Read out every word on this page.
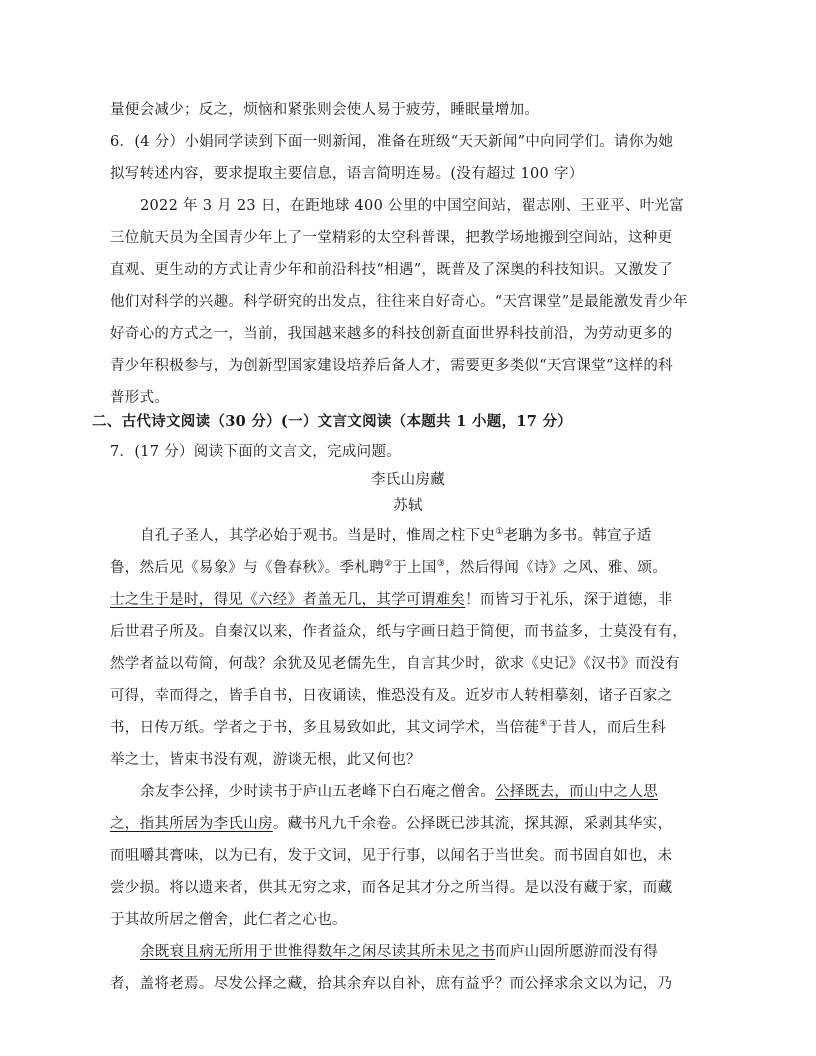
量便会减少；反之，烦恼和紧张则会使人易于疲劳，睡眠量增加。
6．(4 分）小娟同学读到下面一则新闻，准备在班级“天天新闻”中向同学们。请你为她
拟写转述内容，要求提取主要信息，语言简明连易。(没有超过 100 字）
2022 年 3 月 23 日，在距地球 400 公里的中国空间站，翟志刚、王亚平、叶光富
三位航天员为全国青少年上了一堂精彩的太空科普课，把教学场地搬到空间站，这种更
直观、更生动的方式让青少年和前沿科技“相遇”，既普及了深奥的科技知识。又激发了
他们对科学的兴趣。科学研究的出发点，往往来自好奇心。“天宫课堂”是最能激发青少年
好奇心的方式之一，当前，我国越来越多的科技创新直面世界科技前沿，为劳动更多的
青少年积极参与，为创新型国家建设培养后备人才，需要更多类似“天宫课堂”这样的科
普形式。
二、古代诗文阅读（30 分）(一）文言文阅读（本题共 1 小题，17 分）
7．(17 分）阅读下面的文言文，完成问题。
李氏山房藏
苏轼
自孔子圣人，其学必始于观书。当是时，惟周之柱下史①老聃为多书。韩宣子适
鲁，然后见《易象》与《鲁春秋》。季札聘②于上国③，然后得闻《诗》之风、雅、颂。
士之生于是时，得见《六经》者盖无几，其学可谓难矣！而皆习于礼乐，深于道德，非
后世君子所及。自秦汉以来，作者益众，纸与字画日趋于简便，而书益多，士莫没有有，
然学者益以苟简，何哉？余犹及见老儒先生，自言其少时，欲求《史记》《汉书》而没有
可得，幸而得之，皆手自书，日夜诵读，惟恐没有及。近岁市人转相摹刻，诸子百家之
书，日传万纸。学者之于书，多且易致如此，其文词学术，当倍蓰④于昔人，而后生科
举之士，皆束书没有观，游谈无根，此又何也？
余友李公择，少时读书于庐山五老峰下白石庵之僧舍。公择既去，而山中之人思
之，指其所居为李氏山房。藏书凡九千余卷。公择既已涉其流，探其源，采剥其华实，
而咀嚼其膏味，以为已有，发于文词，见于行事，以闻名于当世矣。而书固自如也，未
尝少损。将以遗来者，供其无穷之求，而各足其才分之所当得。是以没有藏于家，而藏
于其故所居之僧舍，此仁者之心也。
余既衰且病无所用于世惟得数年之闲尽读其所未见之书而庐山固所愿游而没有得
者，盖将老焉。尽发公择之藏，拾其余弃以自补，庶有益乎？而公择求余文以为记，乃
